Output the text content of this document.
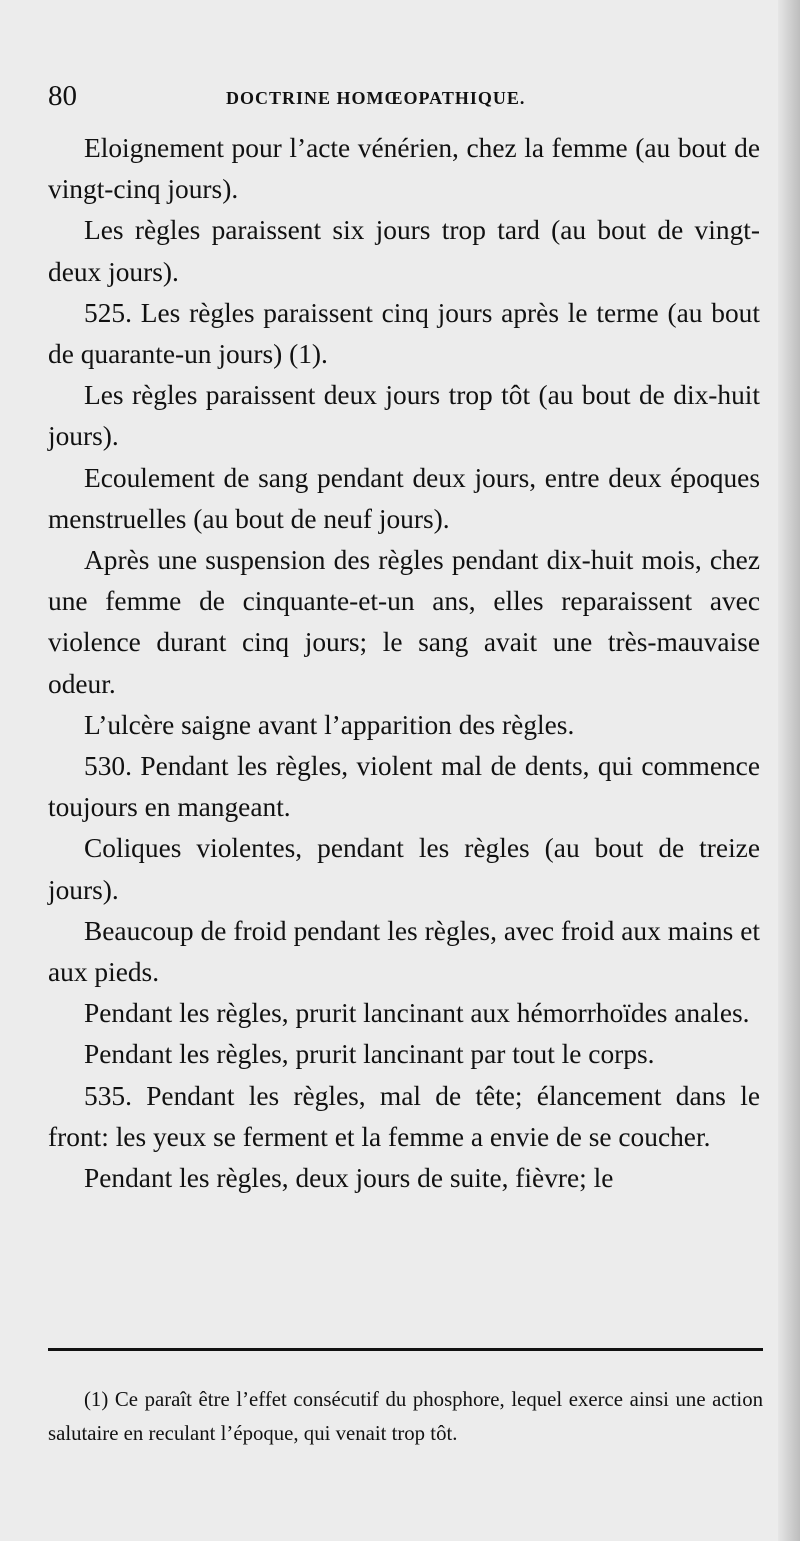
80	DOCTRINE HOMŒOPATHIQUE.

Eloignement pour l’acte vénérien, chez la femme (au bout de vingt-cinq jours).

Les règles paraissent six jours trop tard (au bout de vingt-deux jours).

525. Les règles paraissent cinq jours après le terme (au bout de quarante-un jours) (1).

Les règles paraissent deux jours trop tôt (au bout de dix-huit jours).

Ecoulement de sang pendant deux jours, entre deux époques menstruelles (au bout de neuf jours).

Après une suspension des règles pendant dix-huit mois, chez une femme de cinquante-et-un ans, elles reparaissent avec violence durant cinq jours; le sang avait une très-mauvaise odeur.

L’ulcère saigne avant l’apparition des règles.

530. Pendant les règles, violent mal de dents, qui commence toujours en mangeant.

Coliques violentes, pendant les règles (au bout de treize jours).

Beaucoup de froid pendant les règles, avec froid aux mains et aux pieds.

Pendant les règles, prurit lancinant aux hémorrhoïdes anales.

Pendant les règles, prurit lancinant par tout le corps.

535. Pendant les règles, mal de tête; élancement dans le front: les yeux se ferment et la femme a envie de se coucher.

Pendant les règles, deux jours de suite, fièvre; le

(1) Ce paraît être l’effet consécutif du phosphore, lequel exerce ainsi une action salutaire en reculant l’époque, qui venait trop tôt.
